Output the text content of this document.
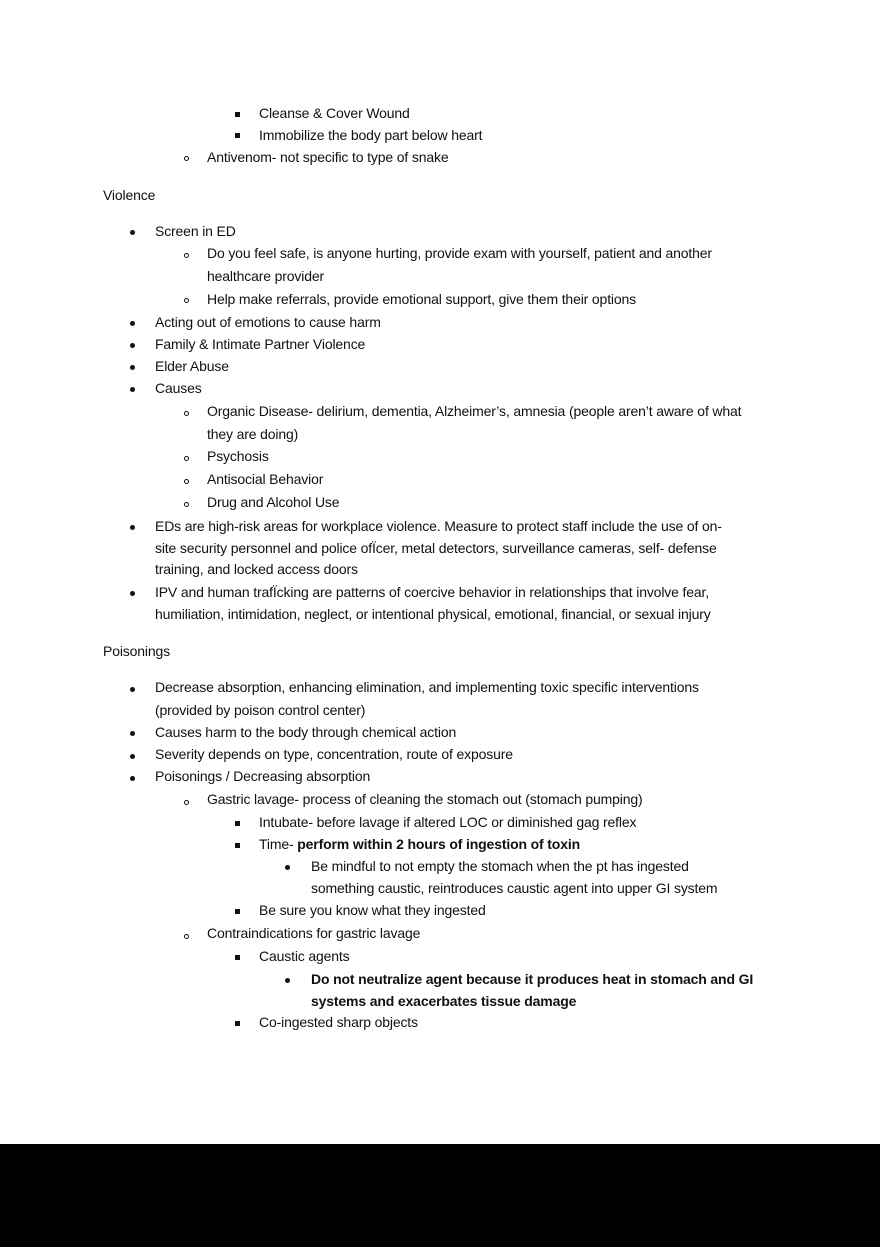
Cleanse & Cover Wound
Immobilize the body part below heart
Antivenom- not specific to type of snake
Violence
Screen in ED
Do you feel safe, is anyone hurting, provide exam with yourself, patient and another
healthcare provider
Help make referrals, provide emotional support, give them their options
Acting out of emotions to cause harm
Family & Intimate Partner Violence
Elder Abuse
Causes
Organic Disease- delirium, dementia, Alzheimer’s, amnesia (people aren’t aware of what
they are doing)
Psychosis
Antisocial Behavior
Drug and Alcohol Use
EDs are high-risk areas for workplace violence. Measure to protect staff include the use of on-
site security personnel and police ofÏcer, metal detectors, surveillance cameras, self- defense
training, and locked access doors
IPV and human trafÏcking are patterns of coercive behavior in relationships that involve fear,
humiliation, intimidation, neglect, or intentional physical, emotional, financial, or sexual injury
Poisonings
Decrease absorption, enhancing elimination, and implementing toxic specific interventions
(provided by poison control center)
Causes harm to the body through chemical action
Severity depends on type, concentration, route of exposure
Poisonings / Decreasing absorption
Gastric lavage- process of cleaning the stomach out (stomach pumping)
Intubate- before lavage if altered LOC or diminished gag reflex
Time- perform within 2 hours of ingestion of toxin
Be mindful to not empty the stomach when the pt has ingested
something caustic, reintroduces caustic agent into upper GI system
Be sure you know what they ingested
Contraindications for gastric lavage
Caustic agents
Do not neutralize agent because it produces heat in stomach and GI
systems and exacerbates tissue damage
Co-ingested sharp objects
